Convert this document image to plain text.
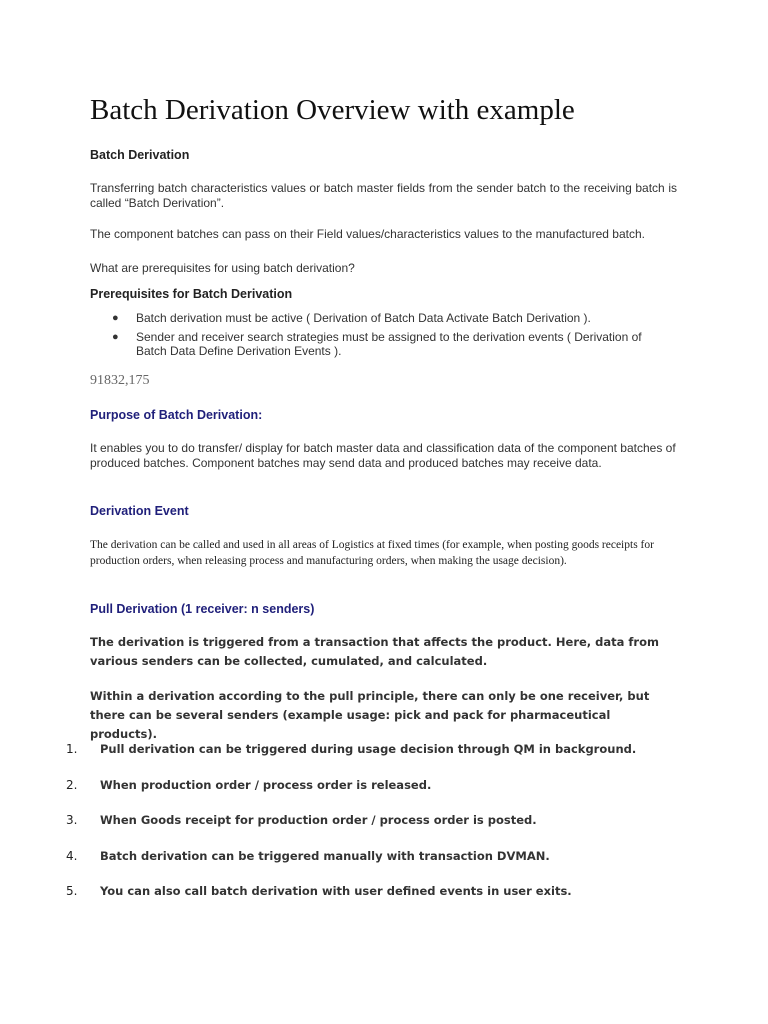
Batch Derivation Overview with example
Batch Derivation

Transferring batch characteristics values or batch master fields from the sender batch to the receiving batch is called “Batch Derivation”.

The component batches can pass on their Field values/characteristics values to the manufactured batch.

What are prerequisites for using batch derivation?

Prerequisites for Batch Derivation
● Batch derivation must be active ( Derivation of Batch Data Activate Batch Derivation ).
● Sender and receiver search strategies must be assigned to the derivation events ( Derivation of Batch Data Define Derivation Events ).
91832,175
Purpose of Batch Derivation:

It enables you to do transfer/ display for batch master data and classification data of the component batches of produced batches. Component batches may send data and produced batches may receive data.

Derivation Event

The derivation can be called and used in all areas of Logistics at fixed times (for example, when posting goods receipts for production orders, when releasing process and manufacturing orders, when making the usage decision).

Pull Derivation (1 receiver: n senders)

The derivation is triggered from a transaction that affects the product. Here, data from various senders can be collected, cumulated, and calculated.

Within a derivation according to the pull principle, there can only be one receiver, but there can be several senders (example usage: pick and pack for pharmaceutical products).

1. Pull derivation can be triggered during usage decision through QM in background.
2. When production order / process order is released.
3. When Goods receipt for production order / process order is posted.
4. Batch derivation can be triggered manually with transaction DVMAN.
5. You can also call batch derivation with user defined events in user exits.
